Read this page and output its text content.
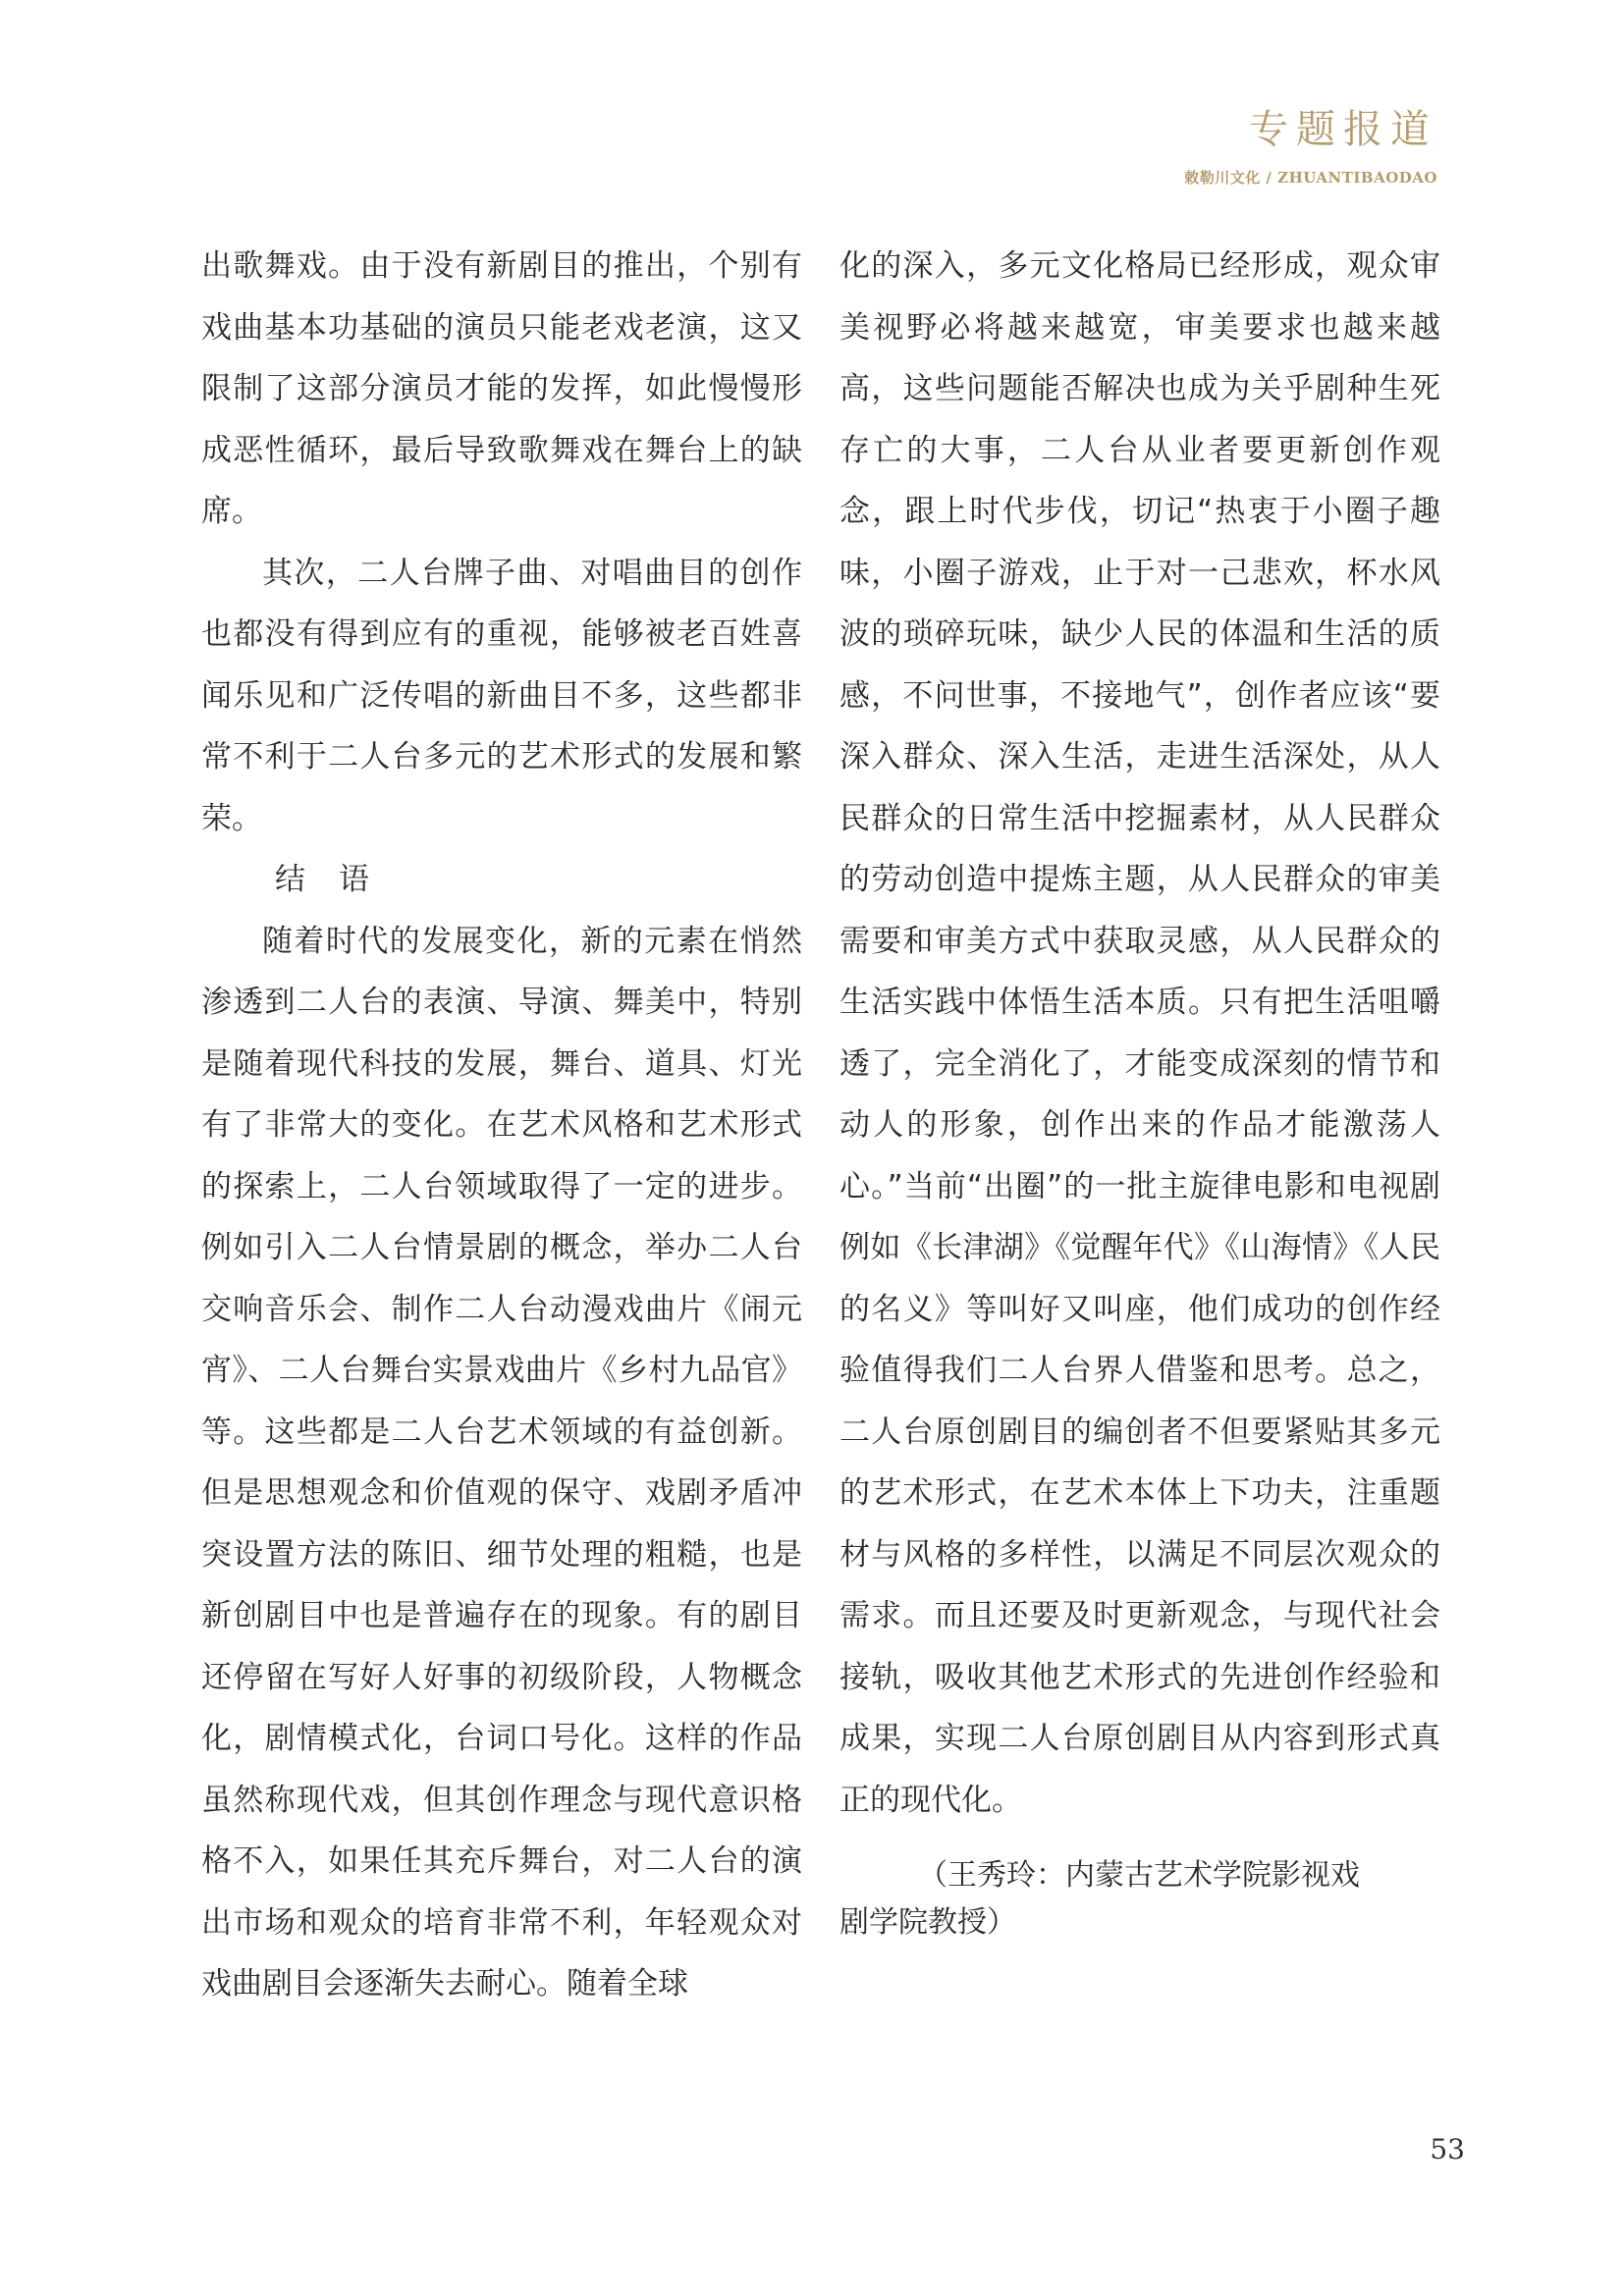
专题报道
敕勒川文化 / ZHUANTIBAODAO

出歌舞戏。由于没有新剧目的推出，个别有戏曲基本功基础的演员只能老戏老演，这又限制了这部分演员才能的发挥，如此慢慢形成恶性循环，最后导致歌舞戏在舞台上的缺席。

其次，二人台牌子曲、对唱曲目的创作也都没有得到应有的重视，能够被老百姓喜闻乐见和广泛传唱的新曲目不多，这些都非常不利于二人台多元的艺术形式的发展和繁荣。

结 语

随着时代的发展变化，新的元素在悄然渗透到二人台的表演、导演、舞美中，特别是随着现代科技的发展，舞台、道具、灯光有了非常大的变化。在艺术风格和艺术形式的探索上，二人台领域取得了一定的进步。例如引入二人台情景剧的概念，举办二人台交响音乐会、制作二人台动漫戏曲片《闹元宵》、二人台舞台实景戏曲片《乡村九品官》等。这些都是二人台艺术领域的有益创新。但是思想观念和价值观的保守、戏剧矛盾冲突设置方法的陈旧、细节处理的粗糙，也是新创剧目中也是普遍存在的现象。有的剧目还停留在写好人好事的初级阶段，人物概念化，剧情模式化，台词口号化。这样的作品虽然称现代戏，但其创作理念与现代意识格格不入，如果任其充斥舞台，对二人台的演出市场和观众的培育非常不利，年轻观众对戏曲剧目会逐渐失去耐心。随着全球

化的深入，多元文化格局已经形成，观众审美视野必将越来越宽，审美要求也越来越高，这些问题能否解决也成为关乎剧种生死存亡的大事，二人台从业者要更新创作观念，跟上时代步伐，切记“热衷于小圈子趣味，小圈子游戏，止于对一己悲欢，杯水风波的琐碎玩味，缺少人民的体温和生活的质感，不问世事，不接地气”，创作者应该“要深入群众、深入生活，走进生活深处，从人民群众的日常生活中挖掘素材，从人民群众的劳动创造中提炼主题，从人民群众的审美需要和审美方式中获取灵感，从人民群众的生活实践中体悟生活本质。只有把生活咀嚼透了，完全消化了，才能变成深刻的情节和动人的形象，创作出来的作品才能激荡人心。”当前“出圈”的一批主旋律电影和电视剧例如《长津湖》《觉醒年代》《山海情》《人民的名义》等叫好又叫座，他们成功的创作经验值得我们二人台界人借鉴和思考。总之，二人台原创剧目的编创者不但要紧贴其多元的艺术形式，在艺术本体上下功夫，注重题材与风格的多样性，以满足不同层次观众的需求。而且还要及时更新观念，与现代社会接轨，吸收其他艺术形式的先进创作经验和成果，实现二人台原创剧目从内容到形式真正的现代化。

（王秀玲：内蒙古艺术学院影视戏

剧学院教授）

53
